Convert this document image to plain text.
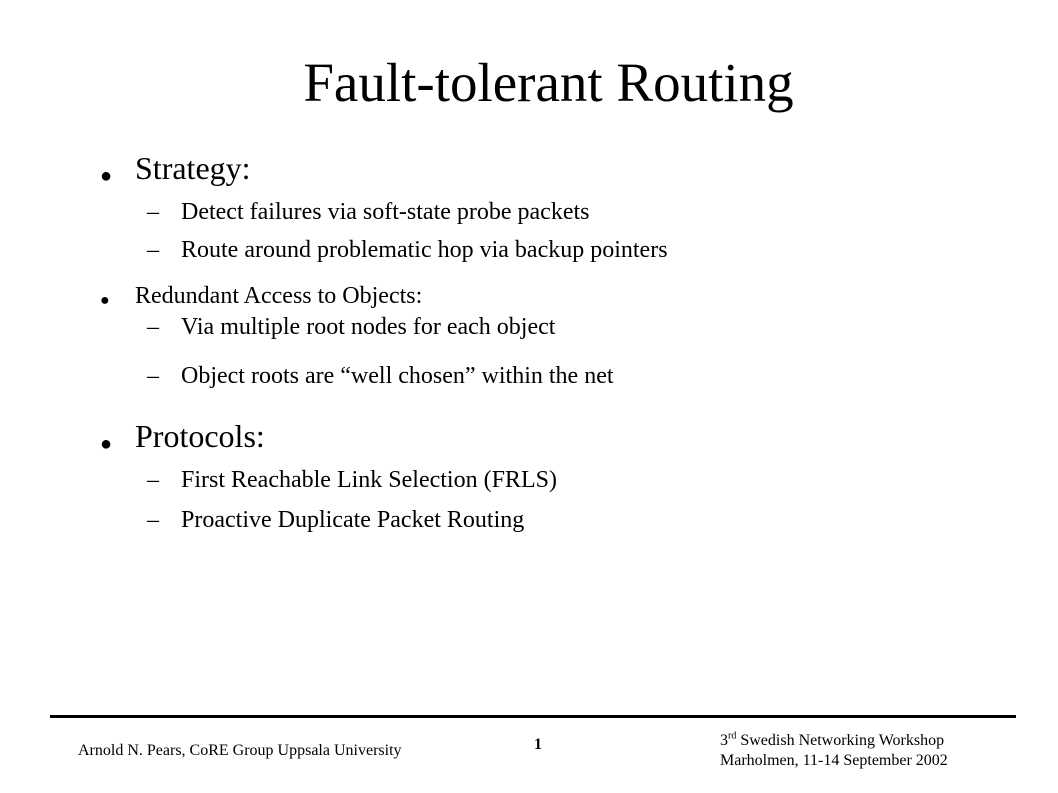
Fault-tolerant Routing
● Strategy:
– Detect failures via soft-state probe packets
– Route around problematic hop via backup pointers
● Redundant Access to Objects:
– Via multiple root nodes for each object
– Object roots are “well chosen” within the net
● Protocols:
– First Reachable Link Selection (FRLS)
– Proactive Duplicate Packet Routing
Arnold N. Pears, CoRE Group Uppsala University	1	3rd Swedish Networking Workshop
Marholmen, 11-14 September 2002
